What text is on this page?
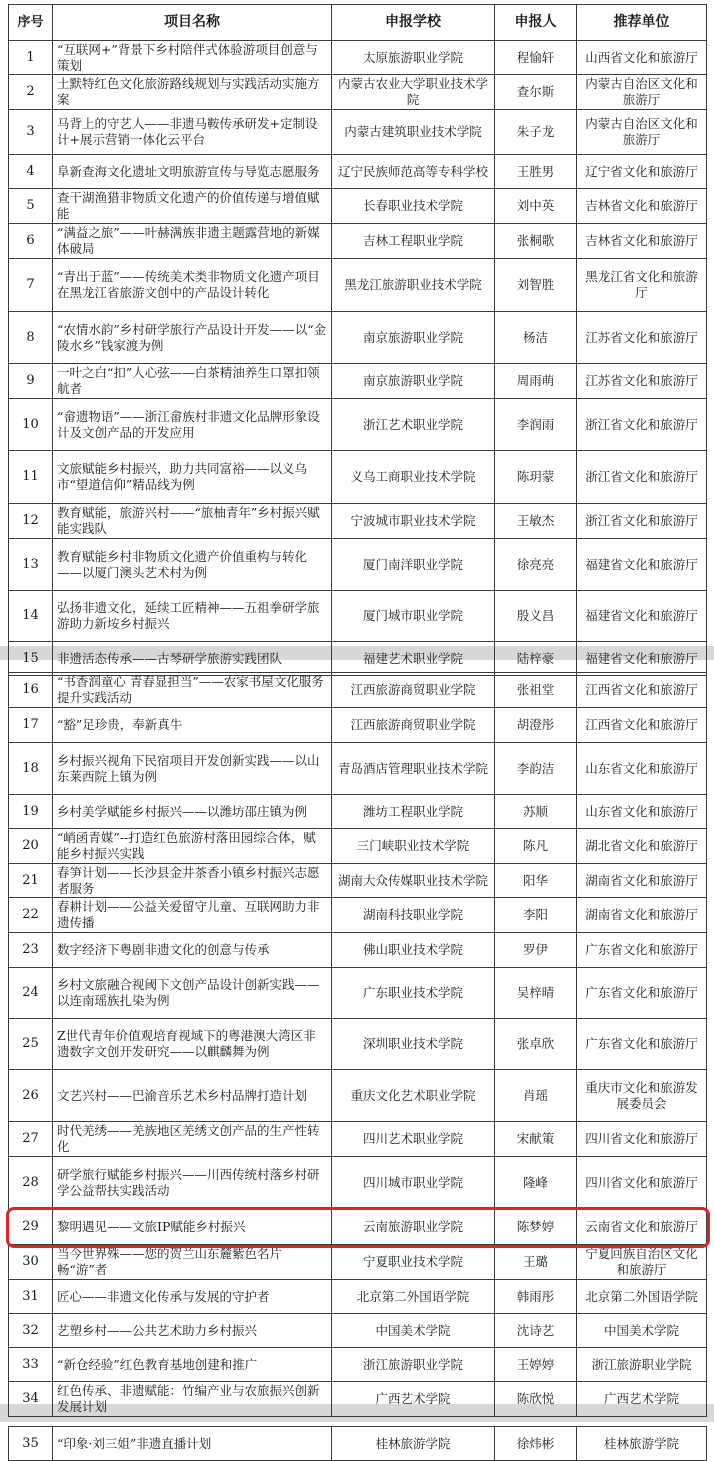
序号	项目名称	申报学校	申报人	推荐单位
1	“互联网+”背景下乡村陪伴式体验游项目创意与策划	太原旅游职业学院	程愉轩	山西省文化和旅游厅
2	土默特红色文化旅游路线规划与实践活动实施方案	内蒙古农业大学职业技术学院	查尔斯	内蒙古自治区文化和旅游厅
3	马背上的守艺人——非遗马鞍传承研发+定制设计+展示营销一体化云平台	内蒙古建筑职业技术学院	朱子龙	内蒙古自治区文化和旅游厅
4	阜新查海文化遗址文明旅游宣传与导览志愿服务	辽宁民族师范高等专科学校	王胜男	辽宁省文化和旅游厅
5	查干湖渔猎非物质文化遗产的价值传递与增值赋能	长春职业技术学院	刘中英	吉林省文化和旅游厅
6	“满益之旅”——叶赫满族非遗主题露营地的新媒体破局	吉林工程职业学院	张桐歌	吉林省文化和旅游厅
7	“青出于蓝”——传统美术类非物质文化遗产项目在黑龙江省旅游文创中的产品设计转化	黑龙江旅游职业技术学院	刘智胜	黑龙江省文化和旅游厅
8	“农情水韵”乡村研学旅行产品设计开发——以“金陵水乡”钱家渡为例	南京旅游职业学院	杨洁	江苏省文化和旅游厅
9	一叶之白“扣”人心弦——白茶精油养生口罩扣领航者	南京旅游职业学院	周雨萌	江苏省文化和旅游厅
10	“畲遗物语”——浙江畲族村非遗文化品牌形象设计及文创产品的开发应用	浙江艺术职业学院	李润雨	浙江省文化和旅游厅
11	文旅赋能乡村振兴，助力共同富裕——以义乌市“望道信仰”精品线为例	义乌工商职业技术学院	陈玥蒙	浙江省文化和旅游厅
12	教育赋能，旅游兴村——“旅柚青年”乡村振兴赋能实践队	宁波城市职业技术学院	王敏杰	浙江省文化和旅游厅
13	教育赋能乡村非物质文化遗产价值重构与转化——以厦门澳头艺术村为例	厦门南洋职业学院	徐亮亮	福建省文化和旅游厅
14	弘扬非遗文化，延续工匠精神——五祖拳研学旅游助力新垵乡村振兴	厦门城市职业学院	殷义昌	福建省文化和旅游厅
15	非遗活态传承——古琴研学旅游实践团队	福建艺术职业学院	陆梓豪	福建省文化和旅游厅
16	“书香润童心 青春显担当”——农家书屋文化服务提升实践活动	江西旅游商贸职业学院	张祖堂	江西省文化和旅游厅
17	“豁”足珍贵，奉新真牛	江西旅游商贸职业学院	胡澄彤	江西省文化和旅游厅
18	乡村振兴视角下民宿项目开发创新实践——以山东莱西院上镇为例	青岛酒店管理职业技术学院	李韵洁	山东省文化和旅游厅
19	乡村美学赋能乡村振兴——以潍坊邵庄镇为例	潍坊工程职业学院	苏顺	山东省文化和旅游厅
20	“峭函青媒”--打造红色旅游村落田园综合体，赋能乡村振兴实践	三门峡职业技术学院	陈凡	湖北省文化和旅游厅
21	春笋计划——长沙县金井茶香小镇乡村振兴志愿者服务	湖南大众传媒职业技术学院	阳华	湖南省文化和旅游厅
22	春耕计划——公益关爱留守儿童、互联网助力非遗传播	湖南科技职业学院	李阳	湖南省文化和旅游厅
23	数字经济下粤剧非遗文化的创意与传承	佛山职业技术学院	罗伊	广东省文化和旅游厅
24	乡村文旅融合视阈下文创产品设计创新实践——以连南瑶族扎染为例	广东职业技术学院	吴梓晴	广东省文化和旅游厅
25	Z世代青年价值观培育视域下的粤港澳大湾区非遗数字文创开发研究——以麒麟舞为例	深圳职业技术学院	张卓欣	广东省文化和旅游厅
26	文艺兴村——巴渝音乐艺术乡村品牌打造计划	重庆文化艺术职业学院	肖瑶	重庆市文化和旅游发展委员会
27	时代羌绣——羌族地区羌绣文创产品的生产性转化	四川艺术职业学院	宋献策	四川省文化和旅游厅
28	研学旅行赋能乡村振兴——川西传统村落乡村研学公益帮扶实践活动	四川城市职业学院	隆峰	四川省文化和旅游厅
29	黎明遇见——文旅IP赋能乡村振兴	云南旅游职业学院	陈梦婷	云南省文化和旅游厅
30	当今世界殊——您的贺兰山东麓紫色名片畅“游”者	宁夏职业技术学院	王璐	宁夏回族自治区文化和旅游厅
31	匠心——非遗文化传承与发展的守护者	北京第二外国语学院	韩雨彤	北京第二外国语学院
32	艺塑乡村——公共艺术助力乡村振兴	中国美术学院	沈诗艺	中国美术学院
33	“新仓经验”红色教育基地创建和推广	浙江旅游职业学院	王婷婷	浙江旅游职业学院
34	红色传承、非遗赋能：竹编产业与农旅振兴创新发展计划	广西艺术学院	陈欣悦	广西艺术学院
35	“印象·刘三姐”非遗直播计划	桂林旅游学院	徐炜彬	桂林旅游学院
